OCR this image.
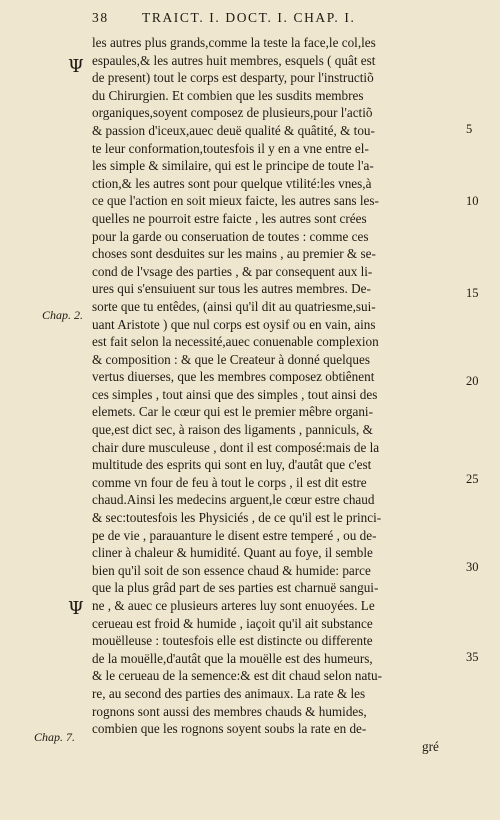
38 TRAICT. I. DOCT. I. CHAP. I.
les autres plus grands,comme la teste la face,le col,les
espaules,& les autres huit membres, esquels ( quât est
de present) tout le corps est desparty, pour l'instructiõ
du Chirurgien. Et combien que les susdits membres
organiques,soyent composez de plusieurs,pour l'actiõ
& passion d'iceux,auec deuë qualité & quâtité, & tou-
te leur conformation,toutesfois il y en a vne entre el-
les simple & similaire, qui est le principe de toute l'a-
ction,& les autres sont pour quelque vtilité:les vnes,à
ce que l'action en soit mieux faicte, les autres sans les-
quelles ne pourroit estre faicte , les autres sont crées
pour la garde ou conseruation de toutes : comme ces
choses sont desduites sur les mains , au premier & se-
cond de l'vsage des parties , & par consequent aux li-
ures qui s'ensuiuent sur tous les autres membres. De-
sorte que tu entêdes, (ainsi qu'il dit au quatriesme,sui-
uant Aristote ) que nul corps est oysif ou en vain, ains
est fait selon la necessité,auec conuenable complexion
& composition : & que le Createur à donné quelques
vertus diuerses, que les membres composez obtiênent
ces simples , tout ainsi que des simples , tout ainsi des
elemets. Car le cœur qui est le premier mêbre organi-
que,est dict sec, à raison des ligaments , panniculs, &
chair dure musculeuse , dont il est composé:mais de la
multitude des esprits qui sont en luy, d'autât que c'est
comme vn four de feu à tout le corps , il est dit estre
chaud.Ainsi les medecins arguent,le cœur estre chaud
& sec:toutesfois les Physiciés , de ce qu'il est le princi-
pe de vie , parauanture le disent estre temperé , ou de-
cliner à chaleur & humidité. Quant au foye, il semble
bien qu'il soit de son essence chaud & humide: parce
que la plus grâd part de ses parties est charnuë sangui-
ne , & auec ce plusieurs arteres luy sont enuoyées. Le
cerueau est froid & humide , iaçoit qu'il ait substance
mouëlleuse : toutesfois elle est distincte ou differente
de la mouëlle,d'autât que la mouëlle est des humeurs,
& le cerueau de la semence:& est dit chaud selon natu-
re, au second des parties des animaux. La rate & les
rognons sont aussi des membres chauds & humides,
combien que les rognons soyent soubs la rate en de-
gré
Chap. 2.
Chap. 7.
Ψ
Ψ
5
10
15
20
25
30
35
